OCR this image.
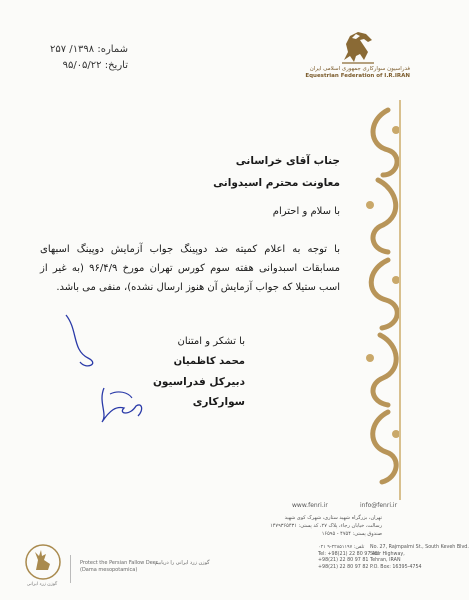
شماره: ۱۳۹۸/ ۲۵۷
تاریخ: ۹۵/۰۵/۲۲	فدراسیون سوارکاری جمهوری اسلامی ایران
Equestrian Federation of I.R.IRAN
جناب آقای خراسانی
معاونت محترم اسیدوانی
با سلام و احترام
با توجه به اعلام کمیته ضد دوپینگ جواب آزمایش دوپینگ اسبهای مسابقات اسبدوانی هفته سوم کورس تهران مورخ ۹۶/۴/۹ (به غیر از اسب ستیلا که جواب آزمایش آن هنوز ارسال نشده)، منفی می باشد.
با تشکر و امتنان
محمد کاظمیان
دبیرکل فدراسیون سوارکاری
www.fenri.ir	info@fenri.ir
تهران، بزرگراه شهید ستاری، شهرک کوی شهید
رسالت، خیابان رجاء، پلاک ۲۷، کد پستی: ۱۴۷۹۳۶۵۴۳۱
صندوق پستی: ۴۷۵۴ - ۱۶۵۹۵
تلفن: ۲۲۸۵۱۱۹۷-۹ ۰۲۱
Tel: +98(21) 22 80 97 45
+98(21) 22 80 97 81
+98(21) 22 80 97 82
No. 27, Rajmpalmi St., South Keveh Blvd.
Sadr Highway,
Tehran, IRAN
P.O. Box: 16395-4754
گوزن زرد ایرانی
Protect the Persian Fallow Deer
(Dama mesopotamica)
گوزن زرد ایرانی را دریابیم
